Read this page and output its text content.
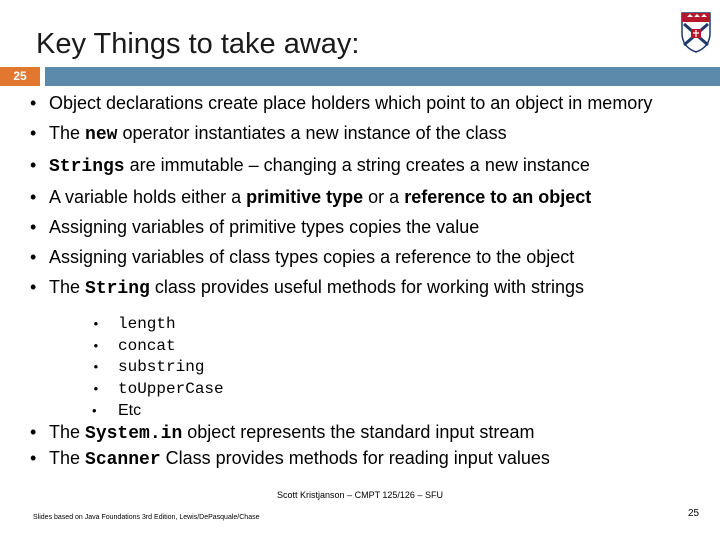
Key Things to take away:
25
• Object declarations create place holders which point to an object in memory
• The new operator instantiates a new instance of the class
• Strings are immutable – changing a string creates a new instance
• A variable holds either a primitive type or a reference to an object
• Assigning variables of primitive types copies the value
• Assigning variables of class types copies a reference to the object
• The String class provides useful methods for working with strings
• length
• concat
• substring
• toUpperCase
• Etc
• The System.in object represents the standard input stream
• The Scanner Class provides methods for reading input values
Scott Kristjanson – CMPT 125/126 – SFU
Slides based on Java Foundations 3rd Edition, Lewis/DePasquale/Chase	25
